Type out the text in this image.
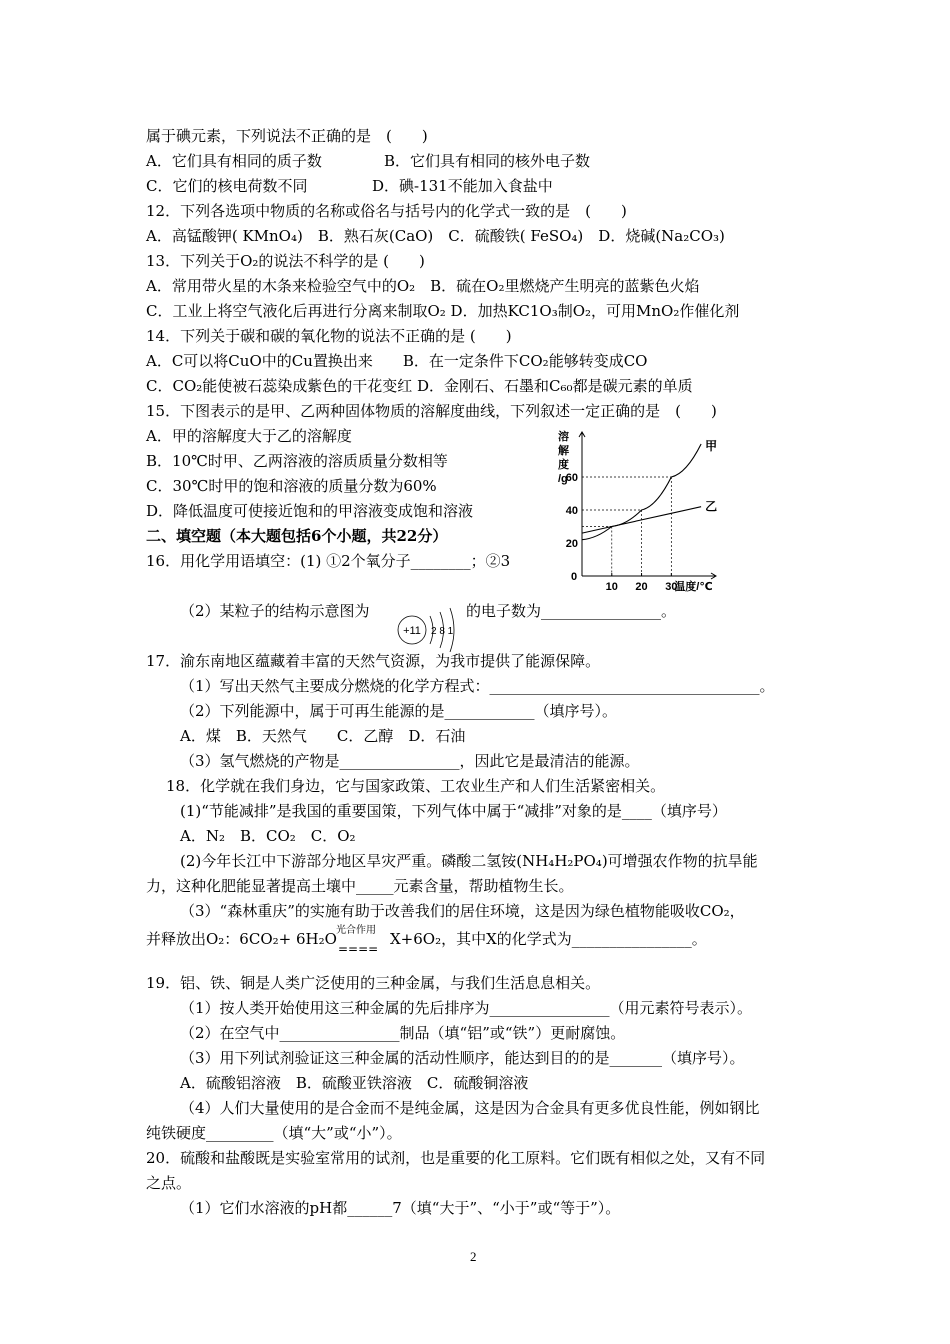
属于碘元素，下列说法不正确的是　(　　)
A．它们具有相同的质子数	B．它们具有相同的核外电子数
C．它们的核电荷数不同	D．碘-131不能加入食盐中
12．下列各选项中物质的名称或俗名与括号内的化学式一致的是　(　　)
A．高锰酸钾( KMnO₄)　B．熟石灰(CaO)　C．硫酸铁( FeSO₄)　D．烧碱(Na₂CO₃)
13．下列关于O₂的说法不科学的是 (　　)
A．常用带火星的木条来检验空气中的O₂　B．硫在O₂里燃烧产生明亮的蓝紫色火焰
C．工业上将空气液化后再进行分离来制取O₂ D．加热KC1O₃制O₂，可用MnO₂作催化剂
14．下列关于碳和碳的氧化物的说法不正确的是 (　　)
A．C可以将CuO中的Cu置换出来　　B．在一定条件下CO₂能够转变成CO
C．CO₂能使被石蕊染成紫色的干花变红 D．金刚石、石墨和C₆₀都是碳元素的单质
15．下图表示的是甲、乙两种固体物质的溶解度曲线，下列叙述一定正确的是　(　　)
A．甲的溶解度大于乙的溶解度
B．10℃时甲、乙两溶液的溶质质量分数相等
C．30℃时甲的饱和溶液的质量分数为60%
D．降低温度可使接近饱和的甲溶液变成饱和溶液
二、填空题（本大题包括6个小题，共22分）
16．用化学用语填空：(1) ①2个氧分子________；②3
溶
解
度
/g
温度/℃
0
10 20 30
20
40
60
甲
乙
（2）某粒子的结构示意图为
+11 2 8 1
的电子数为________________。
17．渝东南地区蕴藏着丰富的天然气资源，为我市提供了能源保障。
（1）写出天然气主要成分燃烧的化学方程式：____________________________________。
（2）下列能源中，属于可再生能源的是____________（填序号）。
A．煤　B．天然气　　C．乙醇　D．石油
（3）氢气燃烧的产物是________________，因此它是最清洁的能源。
18．化学就在我们身边，它与国家政策、工农业生产和人们生活紧密相关。
(1)“节能减排”是我国的重要国策，下列气体中属于“减排”对象的是____（填序号）
A．N₂　B．CO₂　C．O₂
(2)今年长江中下游部分地区旱灾严重。磷酸二氢铵(NH₄H₂PO₄)可增强农作物的抗旱能
力，这种化肥能显著提高土壤中_____元素含量，帮助植物生长。
（3）“森林重庆”的实施有助于改善我们的居住环境，这是因为绿色植物能吸收CO₂，
并释放出O₂：6CO₂+ 6H₂O 光合作用
====
X+6O₂，其中X的化学式为________________。
19．铝、铁、铜是人类广泛使用的三种金属，与我们生活息息相关。
（1）按人类开始使用这三种金属的先后排序为________________（用元素符号表示）。
（2）在空气中________________制品（填“铝”或“铁”）更耐腐蚀。
（3）用下列试剂验证这三种金属的活动性顺序，能达到目的的是_______（填序号）。
A．硫酸铝溶液　B．硫酸亚铁溶液　C．硫酸铜溶液
（4）人们大量使用的是合金而不是纯金属，这是因为合金具有更多优良性能，例如钢比
纯铁硬度_________（填“大”或“小”）。
20．硫酸和盐酸既是实验室常用的试剂，也是重要的化工原料。它们既有相似之处，又有不同
之点。
（1）它们水溶液的pH都______7（填“大于”、“小于”或“等于”）。
2
